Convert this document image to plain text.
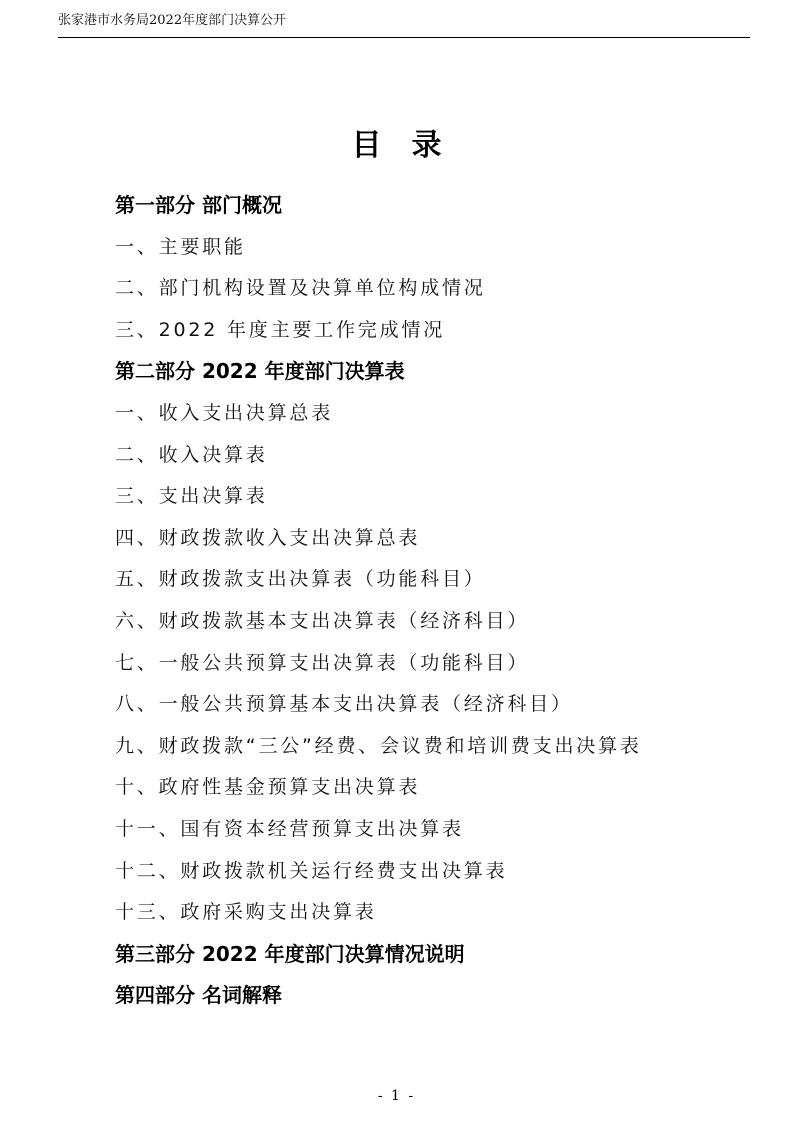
张家港市水务局2022年度部门决算公开
目录
第一部分 部门概况
一、主要职能
二、部门机构设置及决算单位构成情况
三、2022 年度主要工作完成情况
第二部分 2022 年度部门决算表
一、收入支出决算总表
二、收入决算表
三、支出决算表
四、财政拨款收入支出决算总表
五、财政拨款支出决算表（功能科目）
六、财政拨款基本支出决算表（经济科目）
七、一般公共预算支出决算表（功能科目）
八、一般公共预算基本支出决算表（经济科目）
九、财政拨款“三公”经费、会议费和培训费支出决算表
十、政府性基金预算支出决算表
十一、国有资本经营预算支出决算表
十二、财政拨款机关运行经费支出决算表
十三、政府采购支出决算表
第三部分 2022 年度部门决算情况说明
第四部分 名词解释
- 1 -
